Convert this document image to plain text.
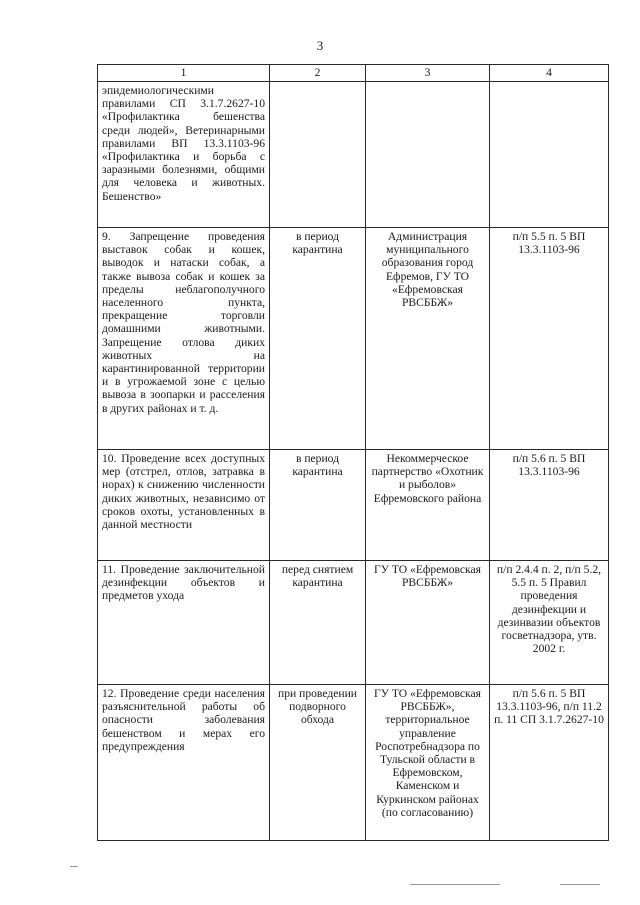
3
1	2	3	4
эпидемиологическими правилами СП 3.1.7.2627-10 «Профилактика бешенства среди людей», Ветеринарными правилами ВП 13.3.1103-96 «Профилактика и борьба с заразными болезнями, общими для человека и животных. Бешенство»			
9. Запрещение проведения выставок собак и кошек, выводок и натаски собак, а также вывоза собак и кошек за пределы неблагополучного населенного пункта, прекращение торговли домашними животными. Запрещение отлова диких животных на карантинированной территории и в угрожаемой зоне с целью вывоза в зоопарки и расселения в других районах и т. д.	в период карантина	Администрация муниципального образования город Ефремов, ГУ ТО «Ефремовская РВСББЖ»	п/п 5.5 п. 5 ВП 13.3.1103-96
10. Проведение всех доступных мер (отстрел, отлов, затравка в норах) к снижению численности диких животных, независимо от сроков охоты, установленных в данной местности	в период карантина	Некоммерческое партнерство «Охотник и рыболов» Ефремовского района	п/п 5.6 п. 5 ВП 13.3.1103-96
11. Проведение заключительной дезинфекции объектов и предметов ухода	перед снятием карантина	ГУ ТО «Ефремовская РВСББЖ»	п/п 2.4.4 п. 2, п/п 5.2, 5.5 п. 5 Правил проведения дезинфекции и дезинвазии объектов госветнадзора, утв. 2002 г.
12. Проведение среди населения разъяснительной работы об опасности заболевания бешенством и мерах его предупреждения	при проведении подворного обхода	ГУ ТО «Ефремовская РВСББЖ», территориальное управление Роспотребнадзора по Тульской области в Ефремовском, Каменском и Куркинском районах (по согласованию)	п/п 5.6 п. 5 ВП 13.3.1103-96, п/п 11.2 п. 11 СП 3.1.7.2627-10
